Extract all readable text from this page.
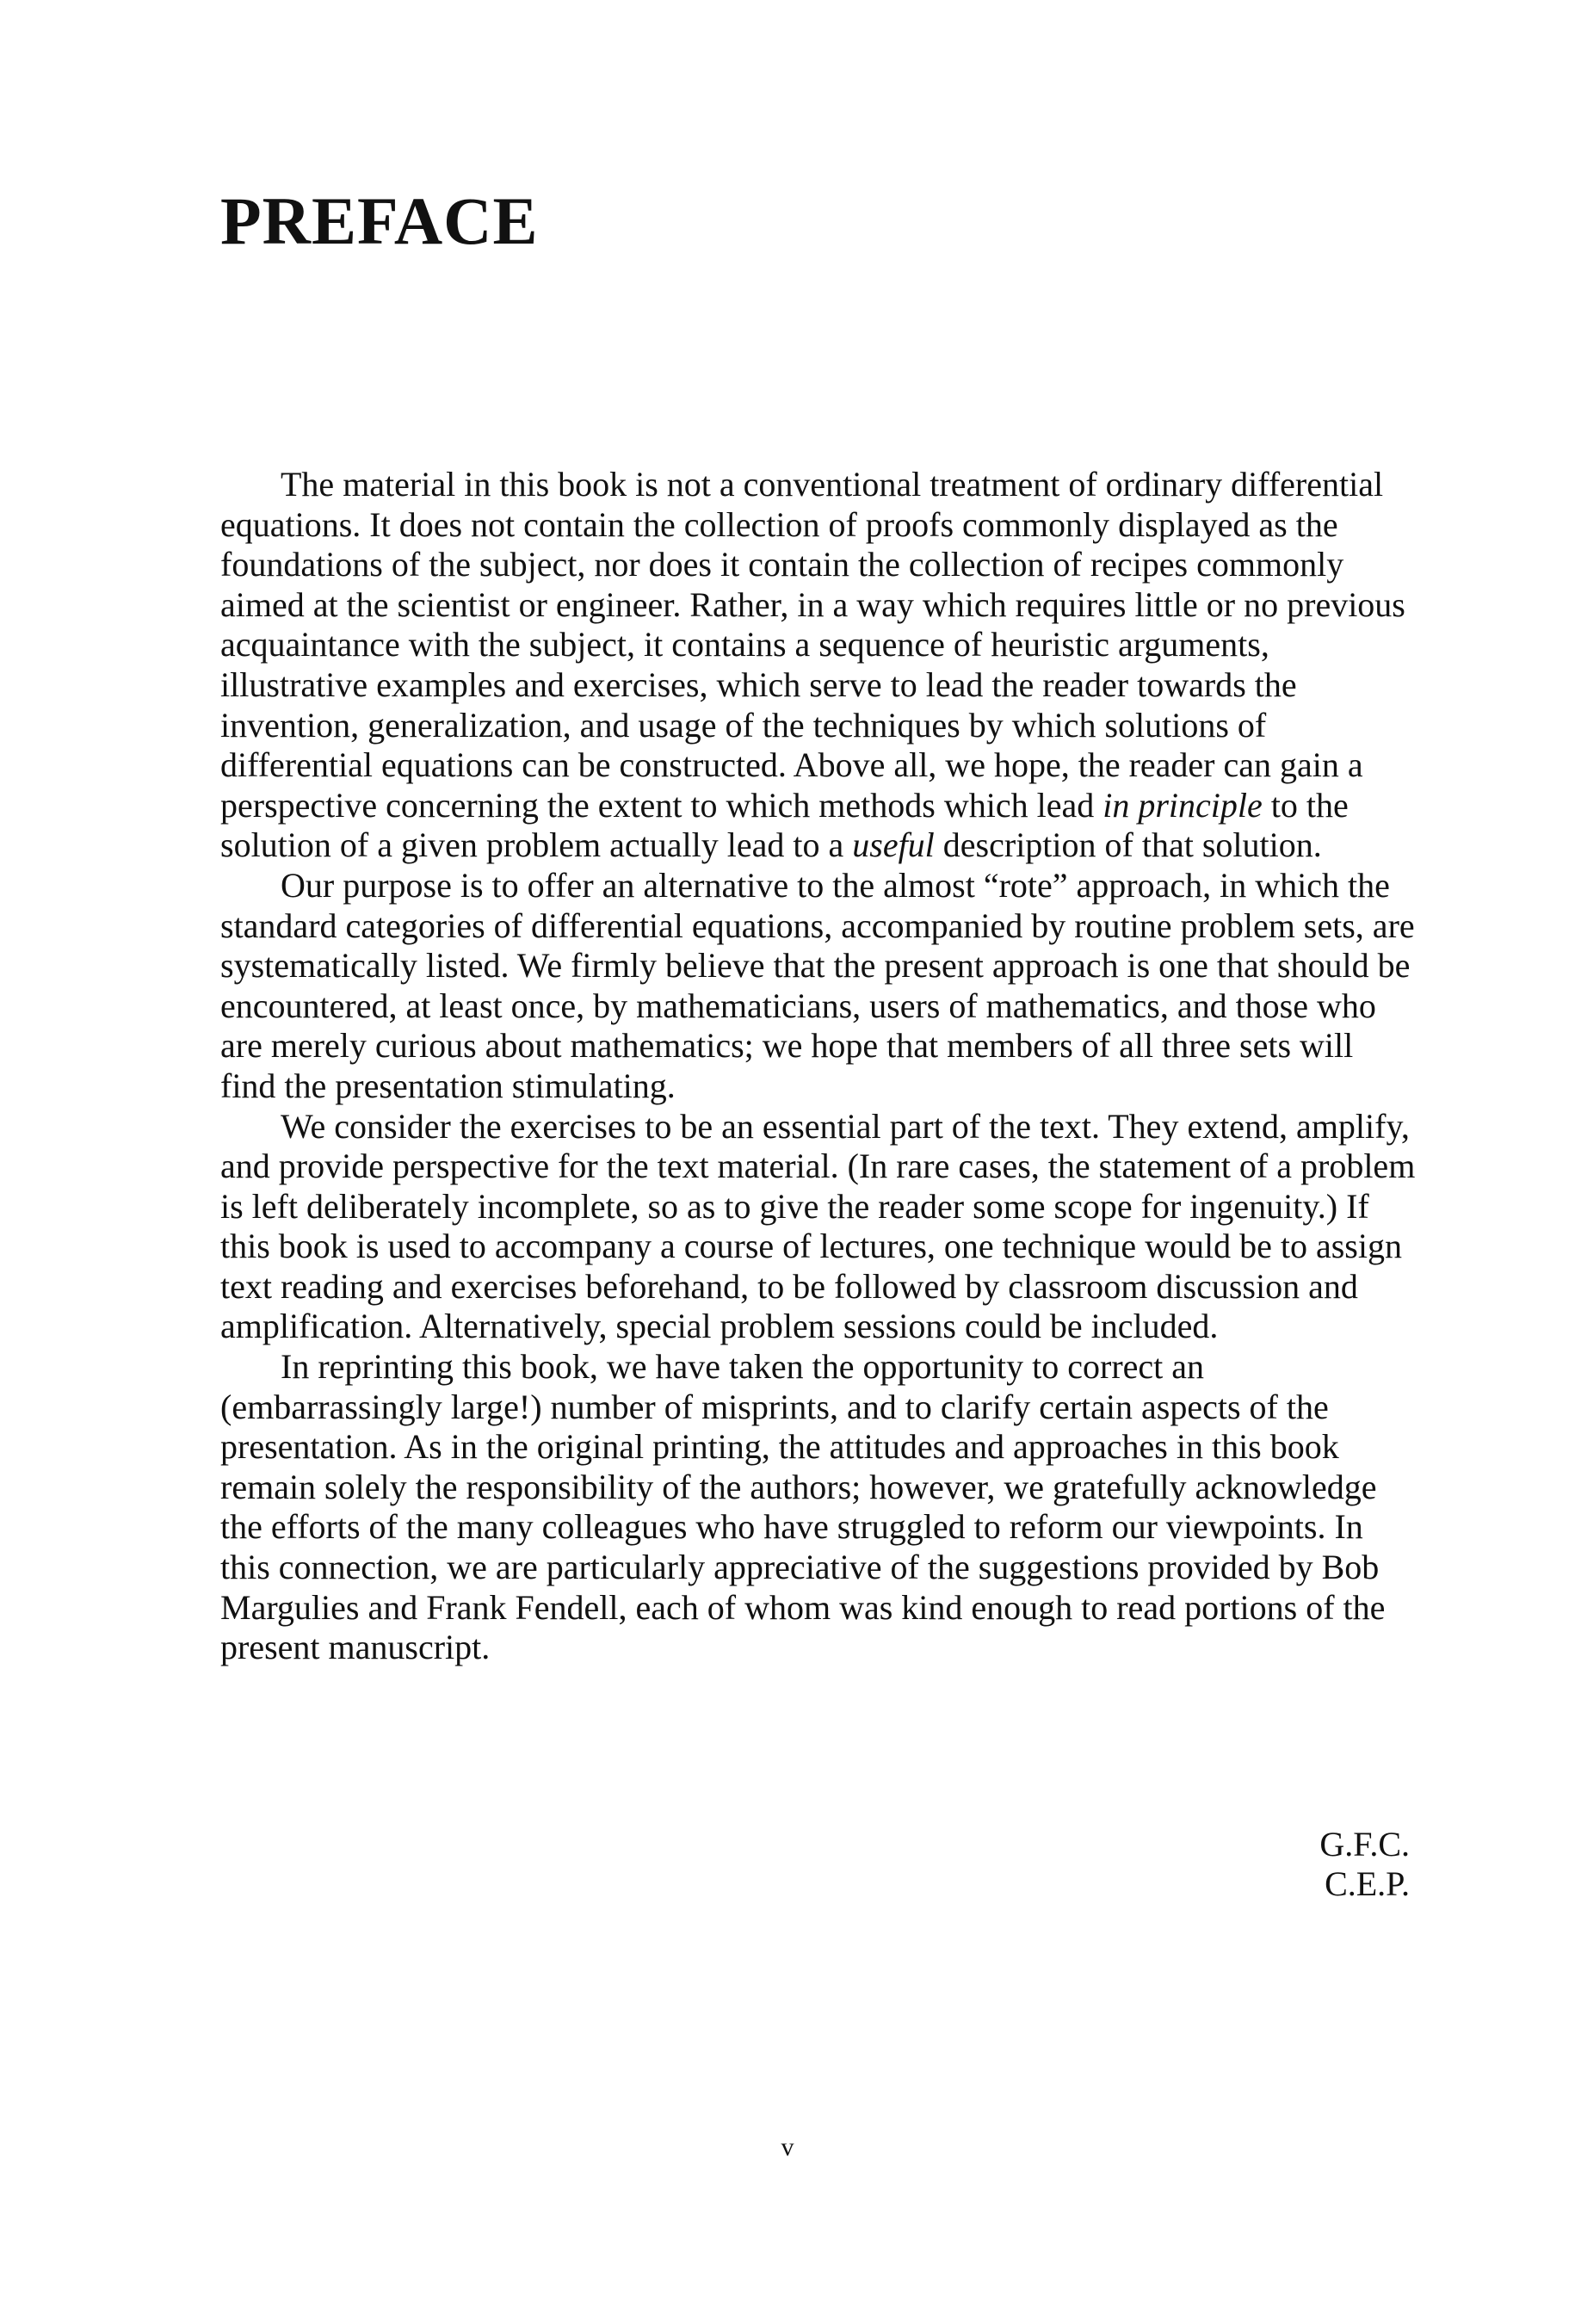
PREFACE

The material in this book is not a conventional treatment of ordinary differential equations. It does not contain the collection of proofs commonly displayed as the foundations of the subject, nor does it contain the collection of recipes commonly aimed at the scientist or engineer. Rather, in a way which requires little or no previous acquaintance with the subject, it contains a sequence of heuristic arguments, illustrative examples and exercises, which serve to lead the reader towards the invention, generalization, and usage of the techniques by which solutions of differential equations can be constructed. Above all, we hope, the reader can gain a perspective concerning the extent to which methods which lead in principle to the solution of a given problem actually lead to a useful description of that solution.

Our purpose is to offer an alternative to the almost “rote” approach, in which the standard categories of differential equations, accompanied by routine problem sets, are systematically listed. We firmly believe that the present approach is one that should be encountered, at least once, by mathematicians, users of mathematics, and those who are merely curious about mathematics; we hope that members of all three sets will find the presentation stimulating.

We consider the exercises to be an essential part of the text. They extend, amplify, and provide perspective for the text material. (In rare cases, the statement of a problem is left deliberately incomplete, so as to give the reader some scope for ingenuity.) If this book is used to accompany a course of lectures, one technique would be to assign text reading and exercises beforehand, to be followed by classroom discussion and amplification. Alternatively, special problem sessions could be included.

In reprinting this book, we have taken the opportunity to correct an (embarrassingly large!) number of misprints, and to clarify certain aspects of the presentation. As in the original printing, the attitudes and approaches in this book remain solely the responsibility of the authors; however, we gratefully acknowledge the efforts of the many colleagues who have struggled to reform our viewpoints. In this connection, we are particularly appreciative of the suggestions provided by Bob Margulies and Frank Fendell, each of whom was kind enough to read portions of the present manuscript.

G.F.C.
C.E.P.
v
